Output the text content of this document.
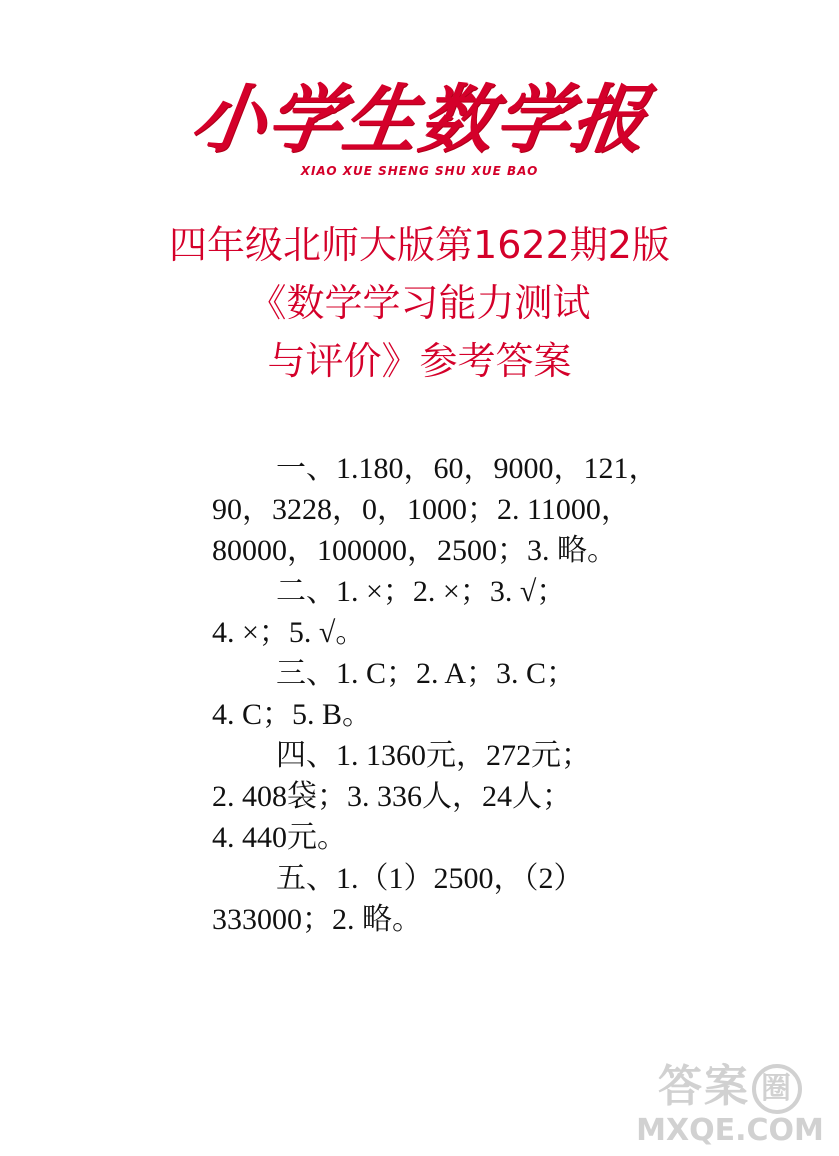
小学生数学报
XIAO XUE SHENG SHU XUE BAO
四年级北师大版第1622期2版
《数学学习能力测试
与评价》参考答案
一、1.180，60，9000，121，
90，3228，0，1000；2. 11000，
80000，100000，2500；3. 略。
二、1. ×；2. ×；3. √；
4. ×；5. √。
三、1. C；2. A；3. C；
4. C；5. B。
四、1. 1360元，272元；
2. 408袋；3. 336人，24人；
4. 440元。
五、1.（1）2500，（2）
333000；2. 略。
答案 圈
MXQE.COM
